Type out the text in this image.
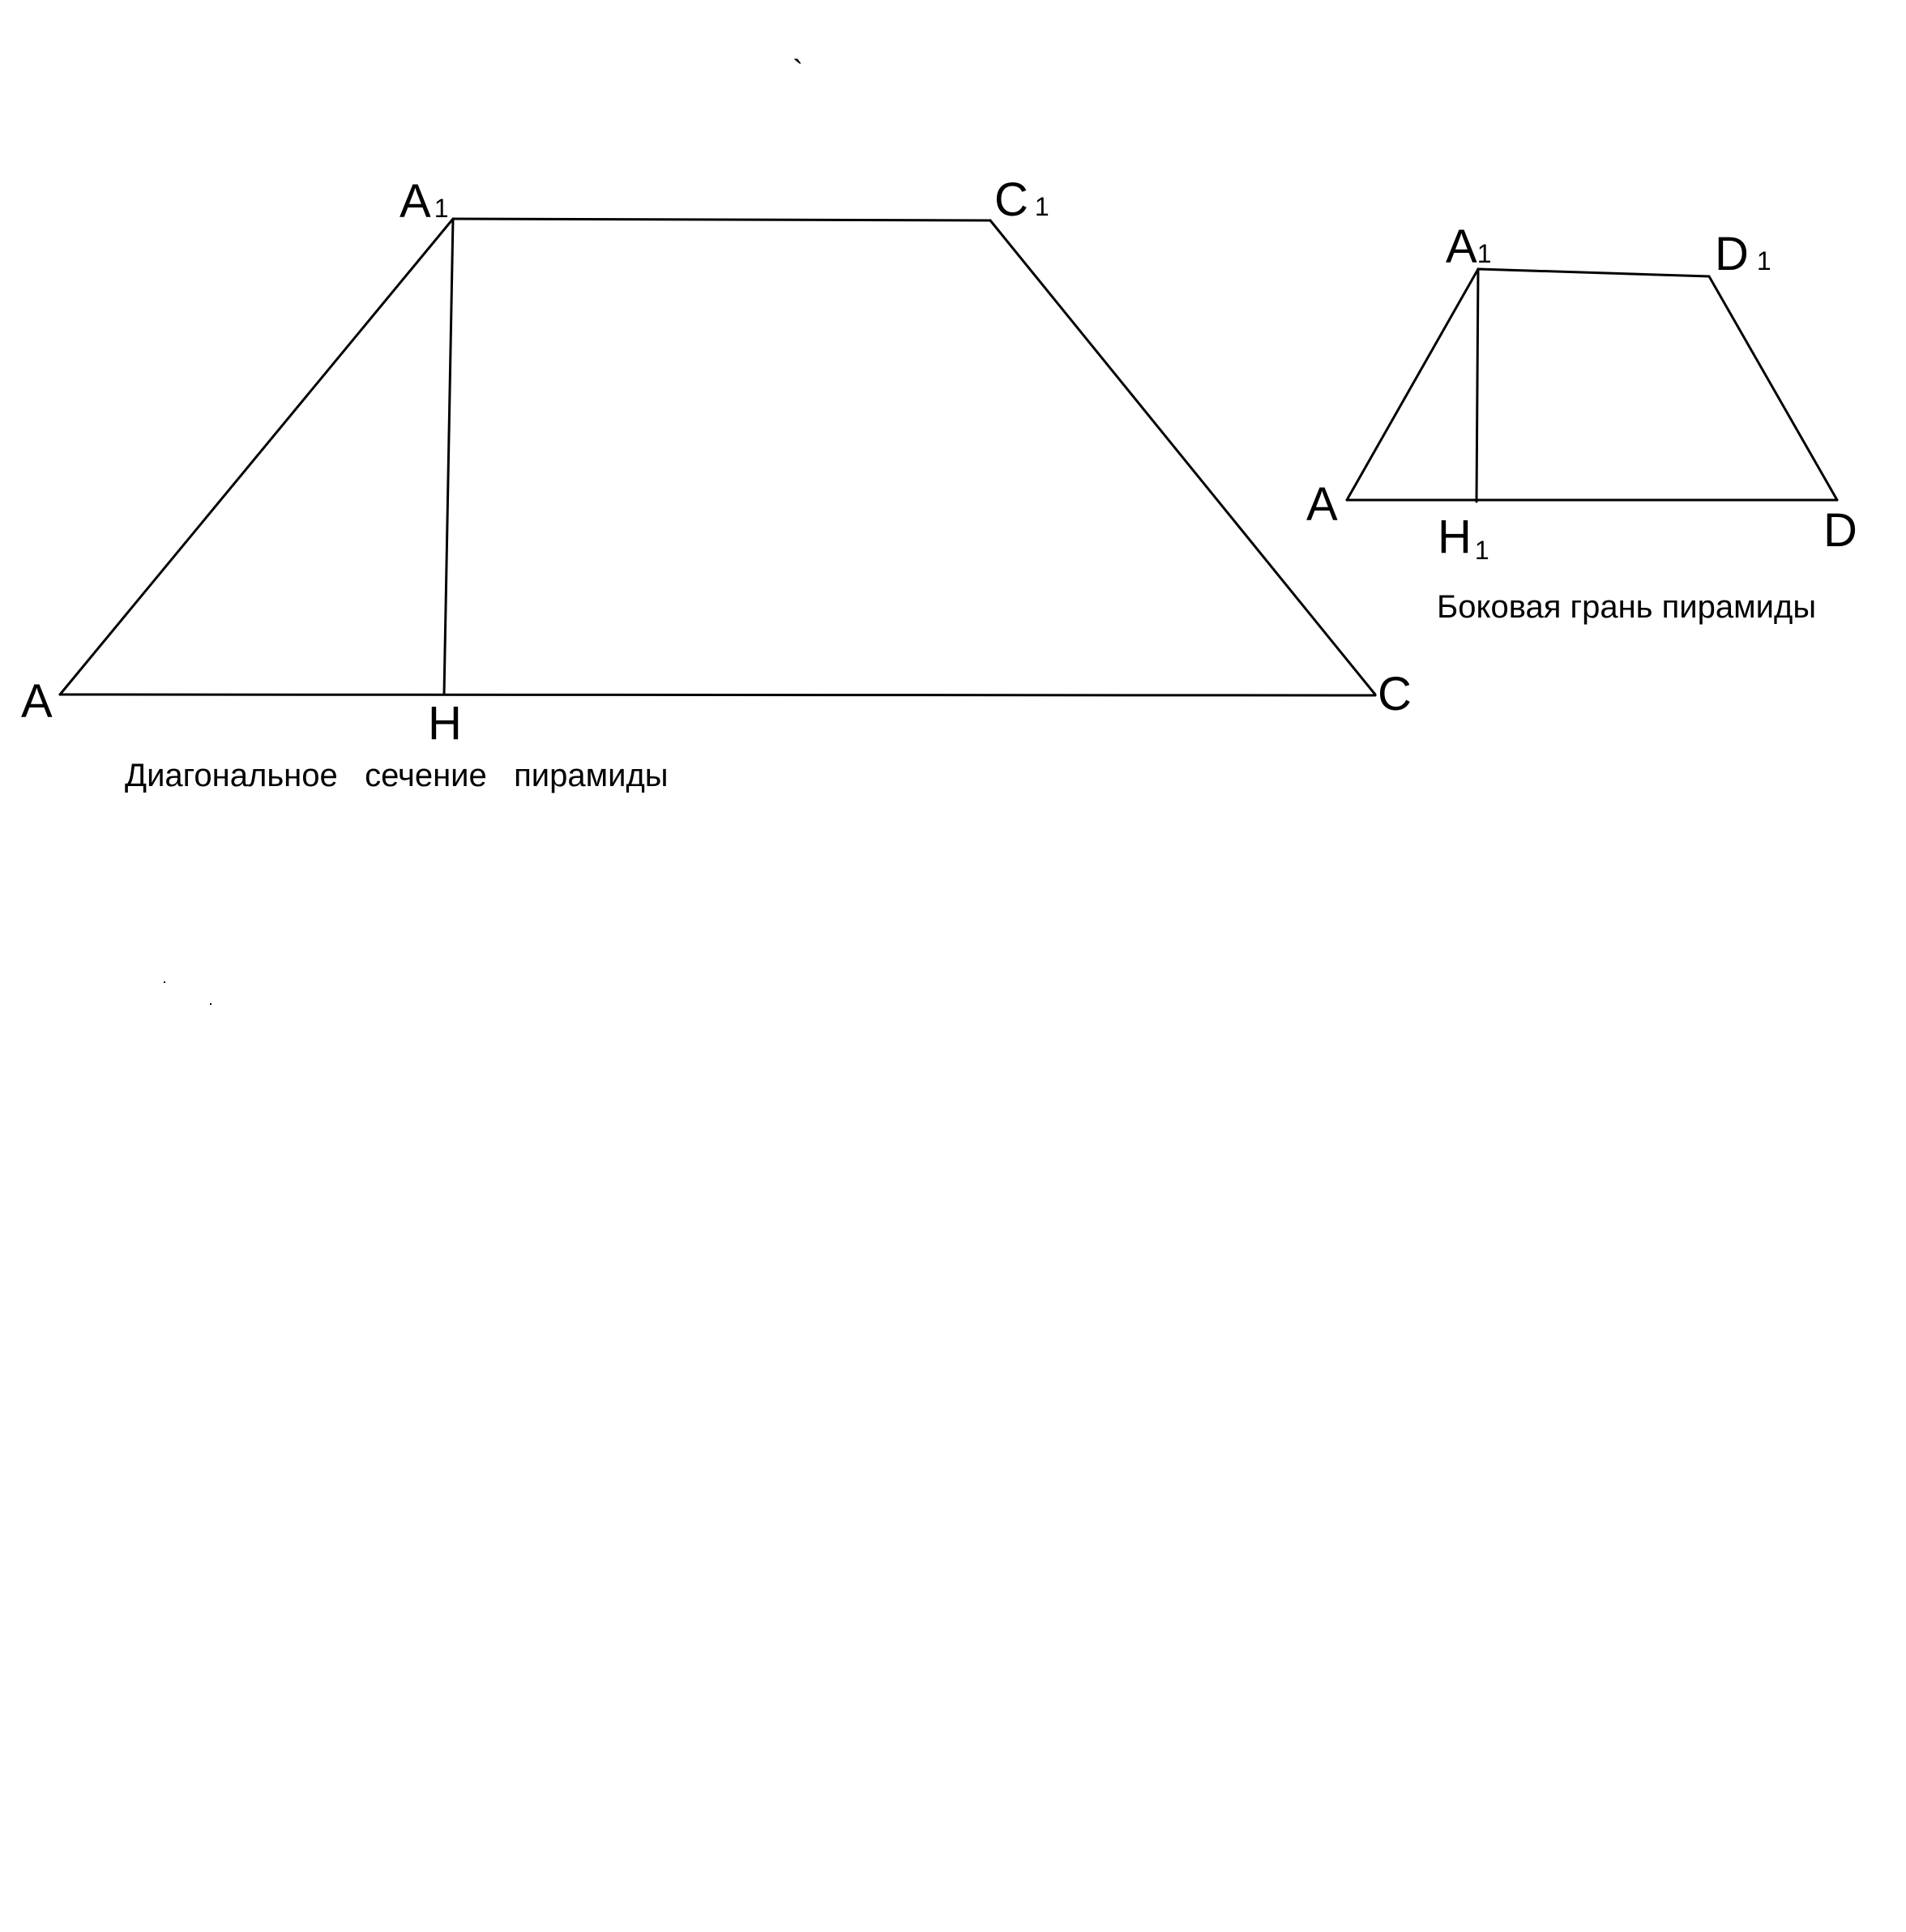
`
A
A 1	C 1
C
H
Диагональное   сечение   пирамиды
A
A1	D 1
D
H 1
Боковая грань пирамиды
